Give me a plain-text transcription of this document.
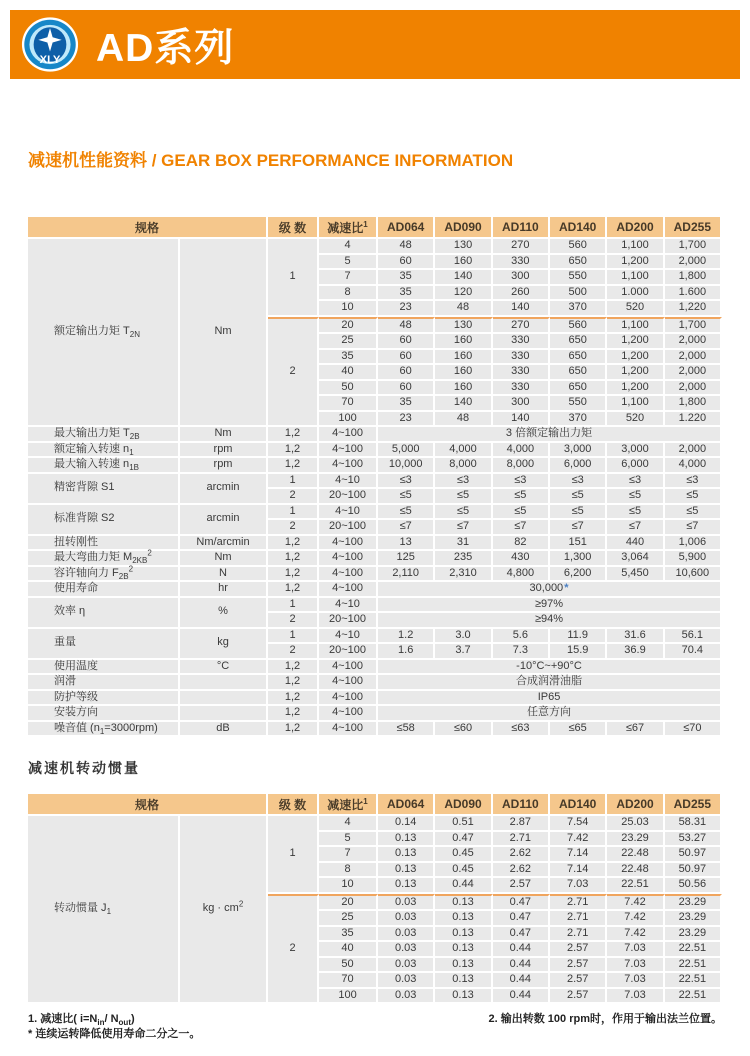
XLY AD系列
减速机性能资料 / GEAR BOX PERFORMANCE INFORMATION
规格		级 数	减速比$^1$	AD064	AD090	AD110	AD140	AD200	AD255
额定输出力矩 $T_{2N}$	Nm	1	4	48	130	270	560	1,100	1,700
			5	60	160	330	650	1,200	2,000
			7	35	140	300	550	1,100	1,800
			8	35	120	260	500	1.000	1.600
			10	23	48	140	370	520	1,220
		2	20	48	130	270	560	1,100	1,700
			25	60	160	330	650	1,200	2,000
			35	60	160	330	650	1,200	2,000
			40	60	160	330	650	1,200	2,000
			50	60	160	330	650	1,200	2,000
			70	35	140	300	550	1,100	1,800
			100	23	48	140	370	520	1.220
最大输出力矩 $T_{2B}$	Nm	1,2	4~100	3 倍额定输出力矩					
额定输入转速 $n_1$	rpm	1,2	4~100	5,000	4,000	4,000	3,000	3,000	2,000
最大输入转速 $n_{1B}$	rpm	1,2	4~100	10,000	8,000	8,000	6,000	6,000	4,000
精密背隙 S1	arcmin	1	4~10	≤3	≤3	≤3	≤3	≤3	≤3
		2	20~100	≤5	≤5	≤5	≤5	≤5	≤5
标准背隙 S2	arcmin	1	4~10	≤5	≤5	≤5	≤5	≤5	≤5
		2	20~100	≤7	≤7	≤7	≤7	≤7	≤7
扭转刚性	Nm/arcmin	1,2	4~100	13	31	82	151	440	1,006
最大弯曲力矩 $M_{2KB}^2$	Nm	1,2	4~100	125	235	430	1,300	3,064	5,900
容许轴向力 $F_{2B}^2$	N	1,2	4~100	2,110	2,310	4,800	6,200	5,450	10,600
使用寿命	hr	1,2	4~100	30,000*					
效率 η	%	1	4~10	≥97%					
		2	20~100	≥94%					
重量	kg	1	4~10	1.2	3.0	5.6	11.9	31.6	56.1
		2	20~100	1.6	3.7	7.3	15.9	36.9	70.4
使用温度	°C	1,2	4~100	-10°C~+90°C					
润滑		1,2	4~100	合成润滑油脂					
防护等级		1,2	4~100	IP65					
安装方向		1,2	4~100	任意方向					
噪音值 $(n_1=3000rpm)$	dB	1,2	4~100	≤58	≤60	≤63	≤65	≤67	≤70
减速机转动惯量
规格		级 数	减速比$^1$	AD064	AD090	AD110	AD140	AD200	AD255
转动惯量 $J_1$	kg · $cm^2$	1	4	0.14	0.51	2.87	7.54	25.03	58.31
			5	0.13	0.47	2.71	7.42	23.29	53.27
			7	0.13	0.45	2.62	7.14	22.48	50.97
			8	0.13	0.45	2.62	7.14	22.48	50.97
			10	0.13	0.44	2.57	7.03	22.51	50.56
		2	20	0.03	0.13	0.47	2.71	7.42	23.29
			25	0.03	0.13	0.47	2.71	7.42	23.29
			35	0.03	0.13	0.47	2.71	7.42	23.29
			40	0.03	0.13	0.44	2.57	7.03	22.51
			50	0.03	0.13	0.44	2.57	7.03	22.51
			70	0.03	0.13	0.44	2.57	7.03	22.51
			100	0.03	0.13	0.44	2.57	7.03	22.51
1. 减速比( $i=N_{in}/$ $N_{out}$)	2. 输出转数 100 rpm时，作用于输出法兰位置。
* 连续运转降低使用寿命二分之一。
